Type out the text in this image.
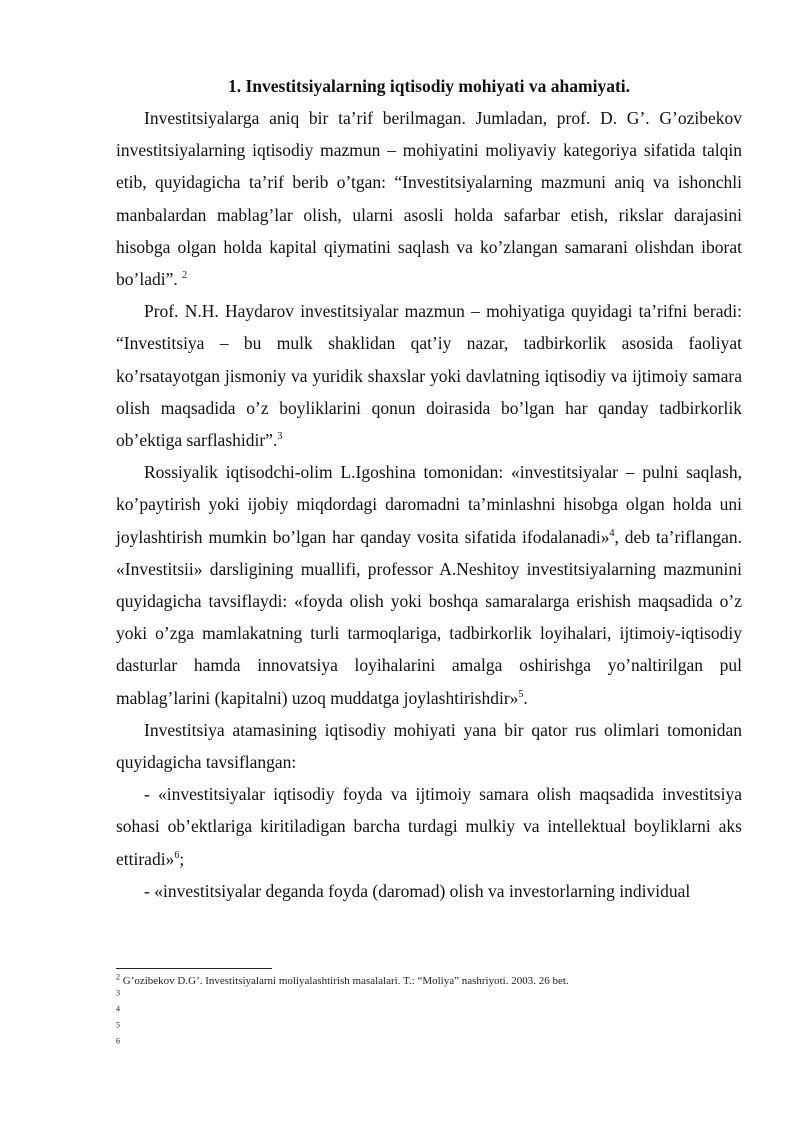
1. Investitsiyalarning iqtisodiy mohiyati va ahamiyati.

Investitsiyalarga aniq bir ta’rif berilmagan. Jumladan, prof. D. G’. G’ozibekov investitsiyalarning iqtisodiy mazmun – mohiyatini moliyaviy kategoriya sifatida talqin etib, quyidagicha ta’rif berib o’tgan: “Investitsiyalarning mazmuni aniq va ishonchli manbalardan mablag’lar olish, ularni asosli holda safarbar etish, rikslar darajasini hisobga olgan holda kapital qiymatini saqlash va ko’zlangan samarani olishdan iborat bo’ladi”. $^2$

Prof. N.H. Haydarov investitsiyalar mazmun – mohiyatiga quyidagi ta’rifni beradi: “Investitsiya – bu mulk shaklidan qat’iy nazar, tadbirkorlik asosida faoliyat ko’rsatayotgan jismoniy va yuridik shaxslar yoki davlatning iqtisodiy va ijtimoiy samara olish maqsadida o’z boyliklarini qonun doirasida bo’lgan har qanday tadbirkorlik ob’ektiga sarflashidir”.$^3$

Rossiyalik iqtisodchi-olim L.Igoshina tomonidan: «investitsiyalar – pulni saqlash, ko’paytirish yoki ijobiy miqdordagi daromadni ta’minlashni hisobga olgan holda uni joylashtirish mumkin bo’lgan har qanday vosita sifatida ifodalanadi»$^4$, deb ta’riflangan. «Investitsii» darsligining muallifi, professor A.Neshitoy investitsiyalarning mazmunini quyidagicha tavsiflaydi: «foyda olish yoki boshqa samaralarga erishish maqsadida o’z yoki o’zga mamlakatning turli tarmoqlariga, tadbirkorlik loyihalari, ijtimoiy-iqtisodiy dasturlar hamda innovatsiya loyihalarini amalga oshirishga yo’naltirilgan pul mablag’larini (kapitalni) uzoq muddatga joylashtirishdir»$^5$.

Investitsiya atamasining iqtisodiy mohiyati yana bir qator rus olimlari tomonidan quyidagicha tavsiflangan:

- «investitsiyalar iqtisodiy foyda va ijtimoiy samara olish maqsadida investitsiya sohasi ob’ektlariga kiritiladigan barcha turdagi mulkiy va intellektual boyliklarni aks ettiradi»$^6$;

- «investitsiyalar deganda foyda (daromad) olish va investorlarning individual

$^2$ G’ozibekov D.G’. Investitsiyalarni moliyalashtirish masalalari. T.: “Moliya” nashriyoti. 2003. 26 bet.

$^3$

$^4$

$^5$

$^6$
